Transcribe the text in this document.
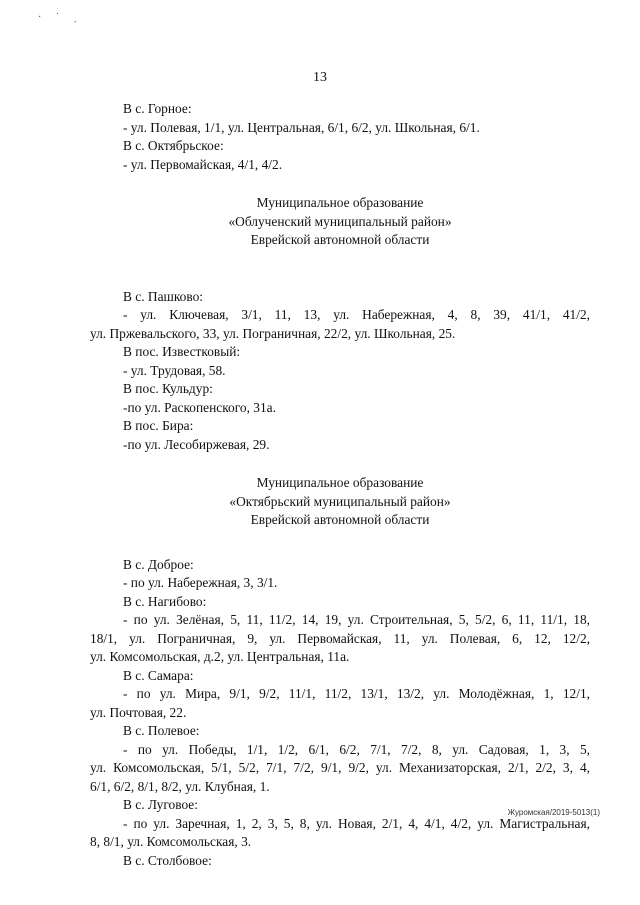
· ˙ ˎ
13
В с. Горное:
- ул. Полевая, 1/1, ул. Центральная, 6/1, 6/2, ул. Школьная, 6/1.
В с. Октябрьское:
- ул. Первомайская, 4/1, 4/2.
Муниципальное образование
«Облученский муниципальный район»
Еврейской автономной области
В с. Пашково:
- ул. Ключевая, 3/1, 11, 13, ул. Набережная, 4, 8, 39, 41/1, 41/2,
ул. Пржевальского, 33, ул. Пограничная, 22/2, ул. Школьная, 25.
В пос. Известковый:
- ул. Трудовая, 58.
В пос. Кульдур:
-по ул. Раскопенского, 31а.
В пос. Бира:
-по ул. Лесобиржевая, 29.
Муниципальное образование
«Октябрьский муниципальный район»
Еврейской автономной области
В с. Доброе:
- по ул. Набережная, 3, 3/1.
В с. Нагибово:
- по ул. Зелёная, 5, 11, 11/2, 14, 19, ул. Строительная, 5, 5/2, 6, 11, 11/1, 18,
18/1, ул. Пограничная, 9, ул. Первомайская, 11, ул. Полевая, 6, 12, 12/2,
ул. Комсомольская, д.2, ул. Центральная, 11а.
В с. Самара:
- по ул. Мира, 9/1, 9/2, 11/1, 11/2, 13/1, 13/2, ул. Молодёжная, 1, 12/1,
ул. Почтовая, 22.
В с. Полевое:
- по ул. Победы, 1/1, 1/2, 6/1, 6/2, 7/1, 7/2, 8, ул. Садовая, 1, 3, 5,
ул. Комсомольская, 5/1, 5/2, 7/1, 7/2, 9/1, 9/2, ул. Механизаторская, 2/1, 2/2, 3, 4,
6/1, 6/2, 8/1, 8/2, ул. Клубная, 1.
В с. Луговое:
- по ул. Заречная, 1, 2, 3, 5, 8, ул. Новая, 2/1, 4, 4/1, 4/2, ул. Магистральная,
8, 8/1, ул. Комсомольская, 3.
В с. Столбовое:
Журомская/2019-5013(1)
